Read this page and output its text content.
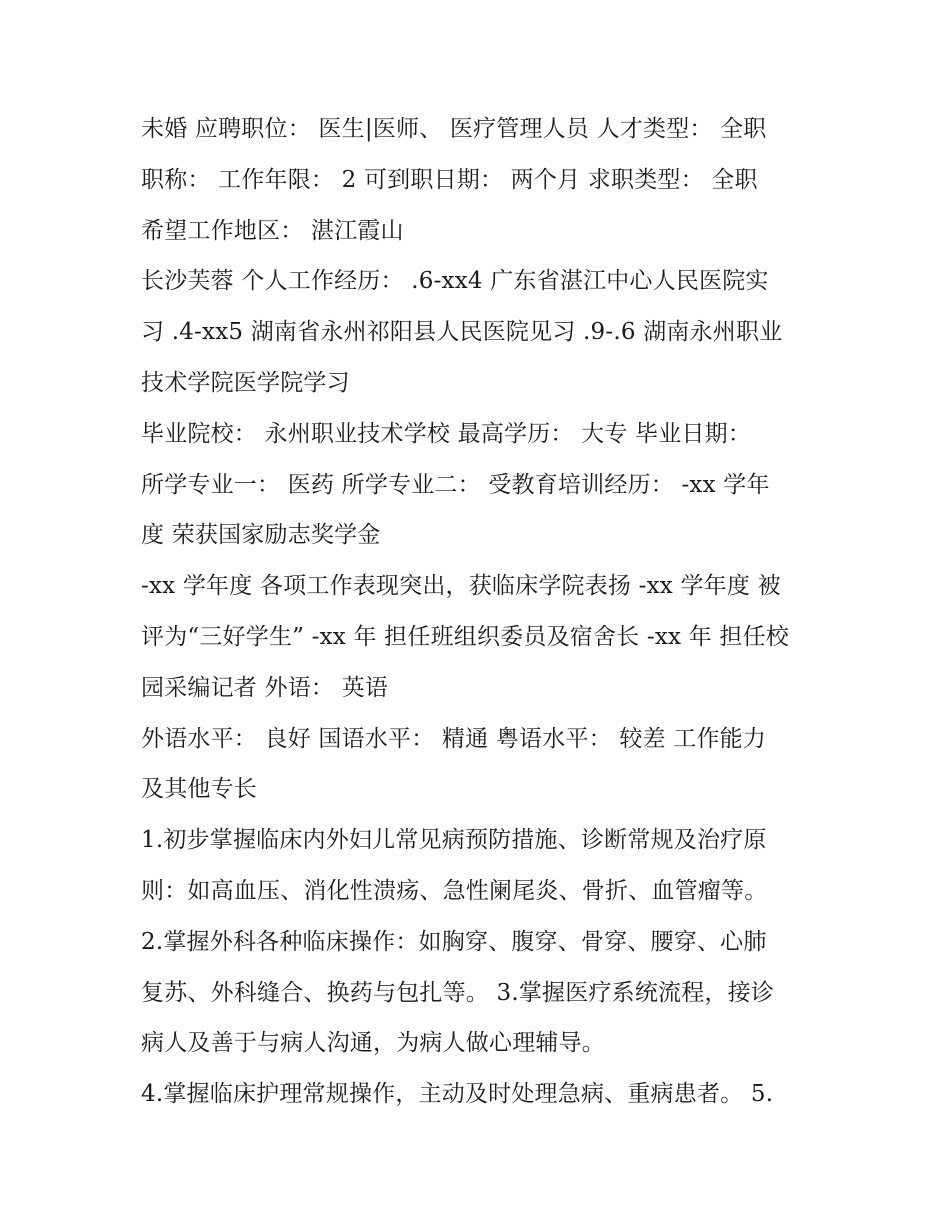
未婚 应聘职位： 医生|医师、 医疗管理人员 人才类型： 全职
职称： 工作年限： 2 可到职日期： 两个月 求职类型： 全职
希望工作地区： 湛江霞山
长沙芙蓉 个人工作经历： .6-xx4 广东省湛江中心人民医院实
习 .4-xx5 湖南省永州祁阳县人民医院见习 .9-.6 湖南永州职业
技术学院医学院学习
毕业院校： 永州职业技术学校 最高学历： 大专 毕业日期：
所学专业一： 医药 所学专业二： 受教育培训经历： -xx 学年
度 荣获国家励志奖学金
-xx 学年度 各项工作表现突出，获临床学院表扬 -xx 学年度 被
评为“三好学生” -xx 年 担任班组织委员及宿舍长 -xx 年 担任校
园采编记者 外语： 英语
外语水平： 良好 国语水平： 精通 粤语水平： 较差 工作能力
及其他专长
1.初步掌握临床内外妇儿常见病预防措施、诊断常规及治疗原
则：如高血压、消化性溃疡、急性阑尾炎、骨折、血管瘤等。
2.掌握外科各种临床操作：如胸穿、腹穿、骨穿、腰穿、心肺
复苏、外科缝合、换药与包扎等。 3.掌握医疗系统流程，接诊
病人及善于与病人沟通，为病人做心理辅导。
4.掌握临床护理常规操作，主动及时处理急病、重病患者。 5.
